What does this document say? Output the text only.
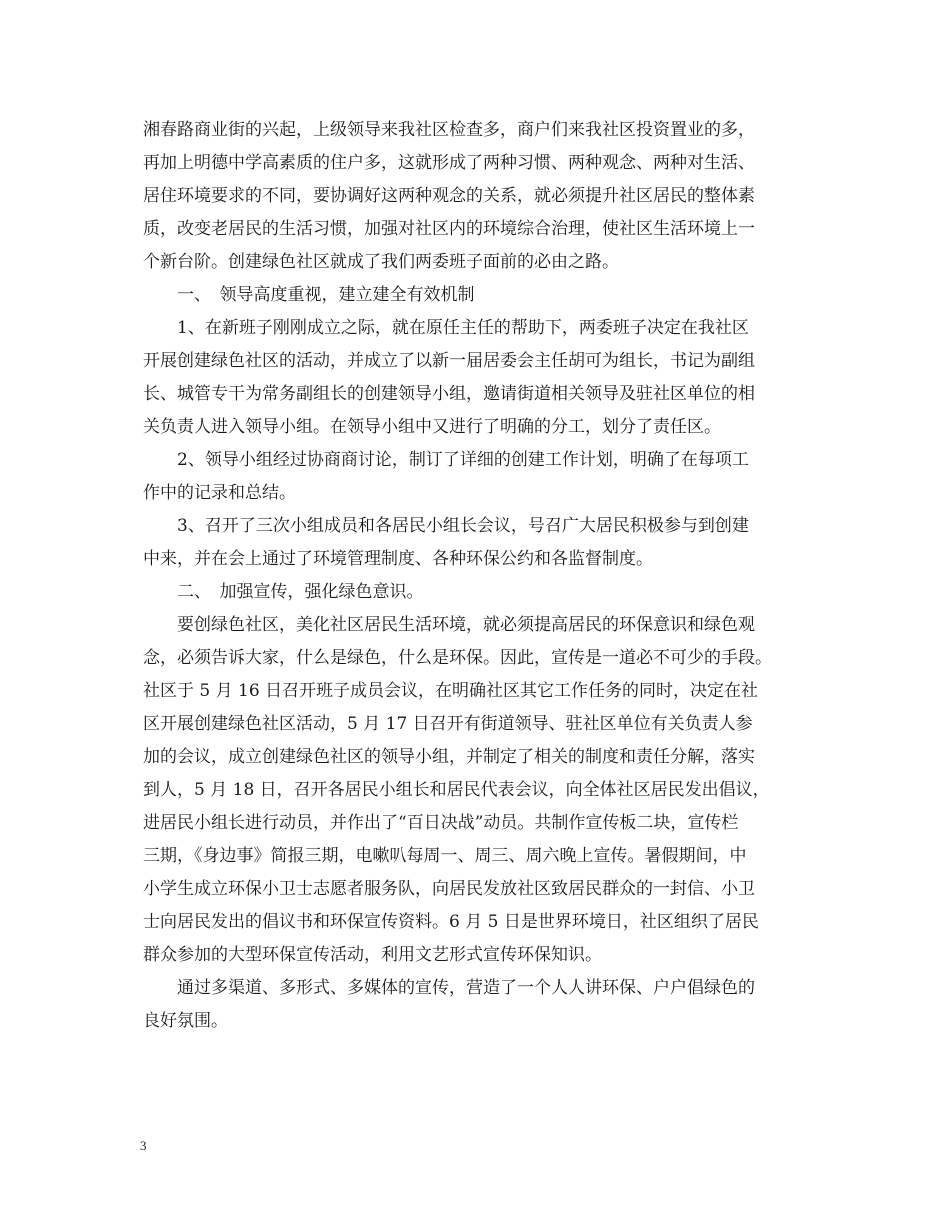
湘春路商业街的兴起，上级领导来我社区检查多，商户们来我社区投资置业的多，
再加上明德中学高素质的住户多，这就形成了两种习惯、两种观念、两种对生活、
居住环境要求的不同，要协调好这两种观念的关系，就必须提升社区居民的整体素
质，改变老居民的生活习惯，加强对社区内的环境综合治理，使社区生活环境上一
个新台阶。创建绿色社区就成了我们两委班子面前的必由之路。
　　一、　领导高度重视，建立建全有效机制
　　1、在新班子刚刚成立之际，就在原任主任的帮助下，两委班子决定在我社区
开展创建绿色社区的活动，并成立了以新一届居委会主任胡可为组长，书记为副组
长、城管专干为常务副组长的创建领导小组，邀请街道相关领导及驻社区单位的相
关负责人进入领导小组。在领导小组中又进行了明确的分工，划分了责任区。
　　2、领导小组经过协商商讨论，制订了详细的创建工作计划，明确了在每项工
作中的记录和总结。
　　3、召开了三次小组成员和各居民小组长会议，号召广大居民积极参与到创建
中来，并在会上通过了环境管理制度、各种环保公约和各监督制度。
　　二、　加强宣传，强化绿色意识。
　　要创绿色社区，美化社区居民生活环境，就必须提高居民的环保意识和绿色观
念，必须告诉大家，什么是绿色，什么是环保。因此，宣传是一道必不可少的手段。
社区于 5 月 16 日召开班子成员会议，在明确社区其它工作任务的同时，决定在社
区开展创建绿色社区活动，5 月 17 日召开有街道领导、驻社区单位有关负责人参
加的会议，成立创建绿色社区的领导小组，并制定了相关的制度和责任分解，落实
到人，5 月 18 日，召开各居民小组长和居民代表会议，向全体社区居民发出倡议，
进居民小组长进行动员，并作出了“百日决战”动员。共制作宣传板二块，宣传栏
三期，《身边事》简报三期，电嗽叭每周一、周三、周六晚上宣传。暑假期间，中
小学生成立环保小卫士志愿者服务队，向居民发放社区致居民群众的一封信、小卫
士向居民发出的倡议书和环保宣传资料。6 月 5 日是世界环境日，社区组织了居民
群众参加的大型环保宣传活动，利用文艺形式宣传环保知识。
　　通过多渠道、多形式、多媒体的宣传，营造了一个人人讲环保、户户倡绿色的
良好氛围。
3
